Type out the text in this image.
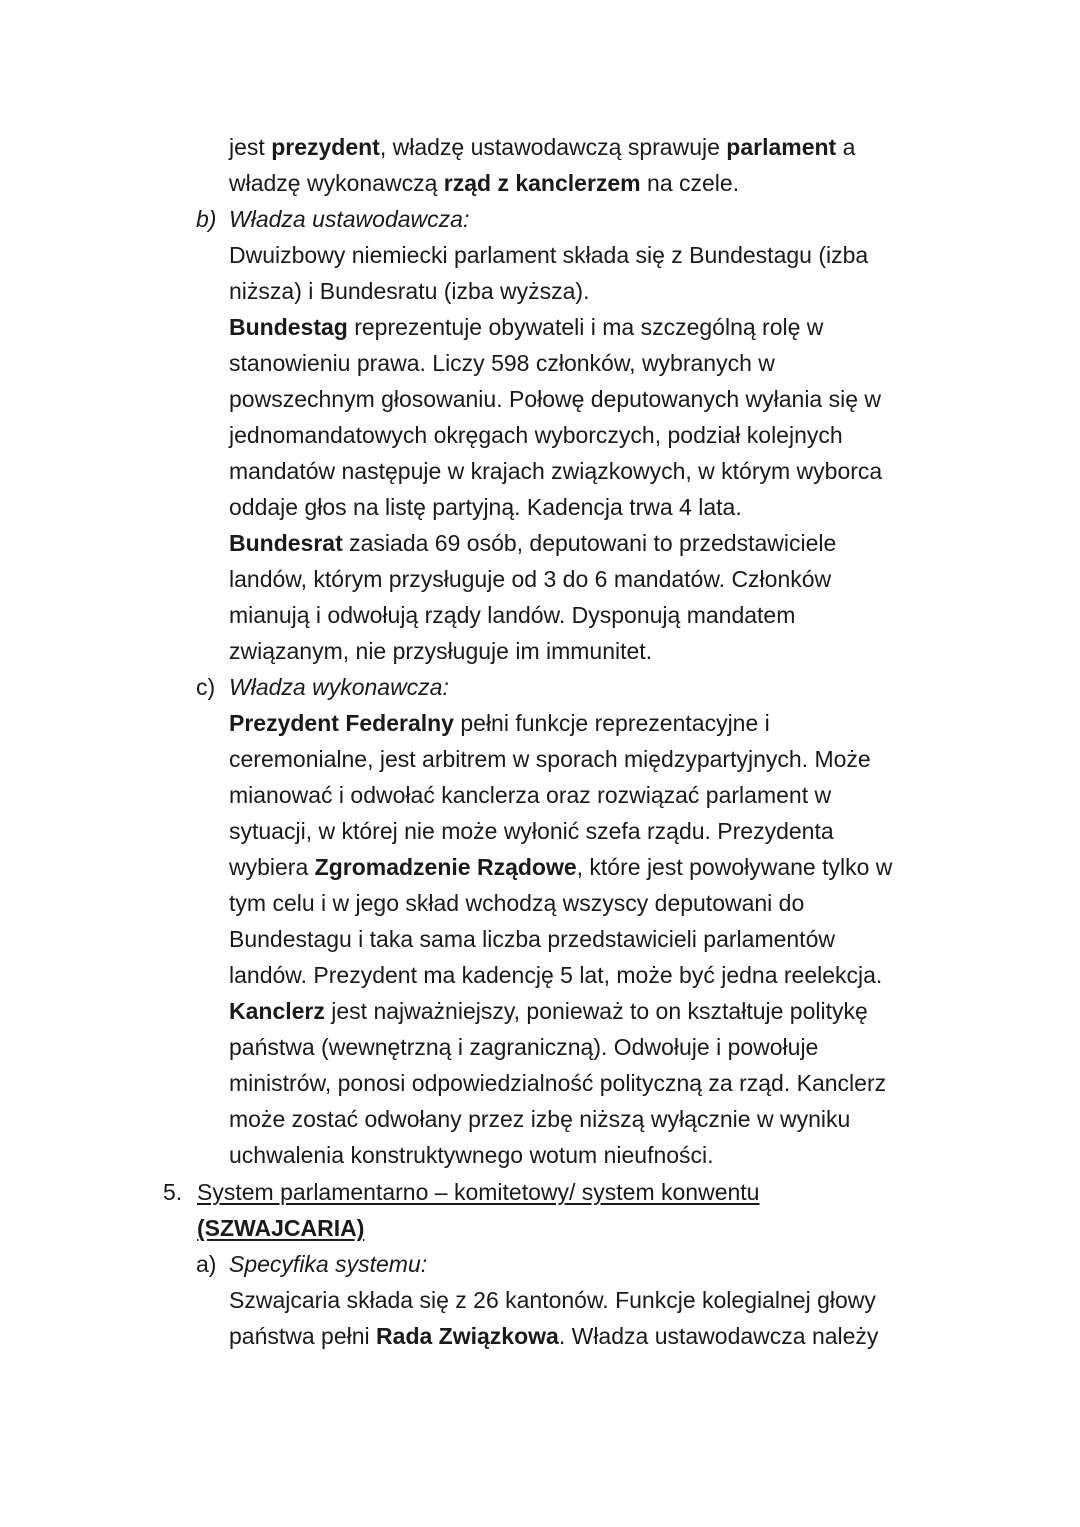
jest prezydent, władzę ustawodawczą sprawuje parlament a
władzę wykonawczą rząd z kanclerzem na czele.
b) Władza ustawodawcza:
Dwuizbowy niemiecki parlament składa się z Bundestagu (izba
niższa) i Bundesratu (izba wyższa).
Bundestag reprezentuje obywateli i ma szczególną rolę w
stanowieniu prawa. Liczy 598 członków, wybranych w
powszechnym głosowaniu. Połowę deputowanych wyłania się w
jednomandatowych okręgach wyborczych, podział kolejnych
mandatów następuje w krajach związkowych, w którym wyborca
oddaje głos na listę partyjną. Kadencja trwa 4 lata.
Bundesrat zasiada 69 osób, deputowani to przedstawiciele
landów, którym przysługuje od 3 do 6 mandatów. Członków
mianują i odwołują rządy landów. Dysponują mandatem
związanym, nie przysługuje im immunitet.
c) Władza wykonawcza:
Prezydent Federalny pełni funkcje reprezentacyjne i
ceremonialne, jest arbitrem w sporach międzypartyjnych. Może
mianować i odwołać kanclerza oraz rozwiązać parlament w
sytuacji, w której nie może wyłonić szefa rządu. Prezydenta
wybiera Zgromadzenie Rządowe, które jest powoływane tylko w
tym celu i w jego skład wchodzą wszyscy deputowani do
Bundestagu i taka sama liczba przedstawicieli parlamentów
landów. Prezydent ma kadencję 5 lat, może być jedna reelekcja.
Kanclerz jest najważniejszy, ponieważ to on kształtuje politykę
państwa (wewnętrzną i zagraniczną). Odwołuje i powołuje
ministrów, ponosi odpowiedzialność polityczną za rząd. Kanclerz
może zostać odwołany przez izbę niższą wyłącznie w wyniku
uchwalenia konstruktywnego wotum nieufności.
5. System parlamentarno – komitetowy/ system konwentu
(SZWAJCARIA)
a) Specyfika systemu:
Szwajcaria składa się z 26 kantonów. Funkcje kolegialnej głowy
państwa pełni Rada Związkowa. Władza ustawodawcza należy
